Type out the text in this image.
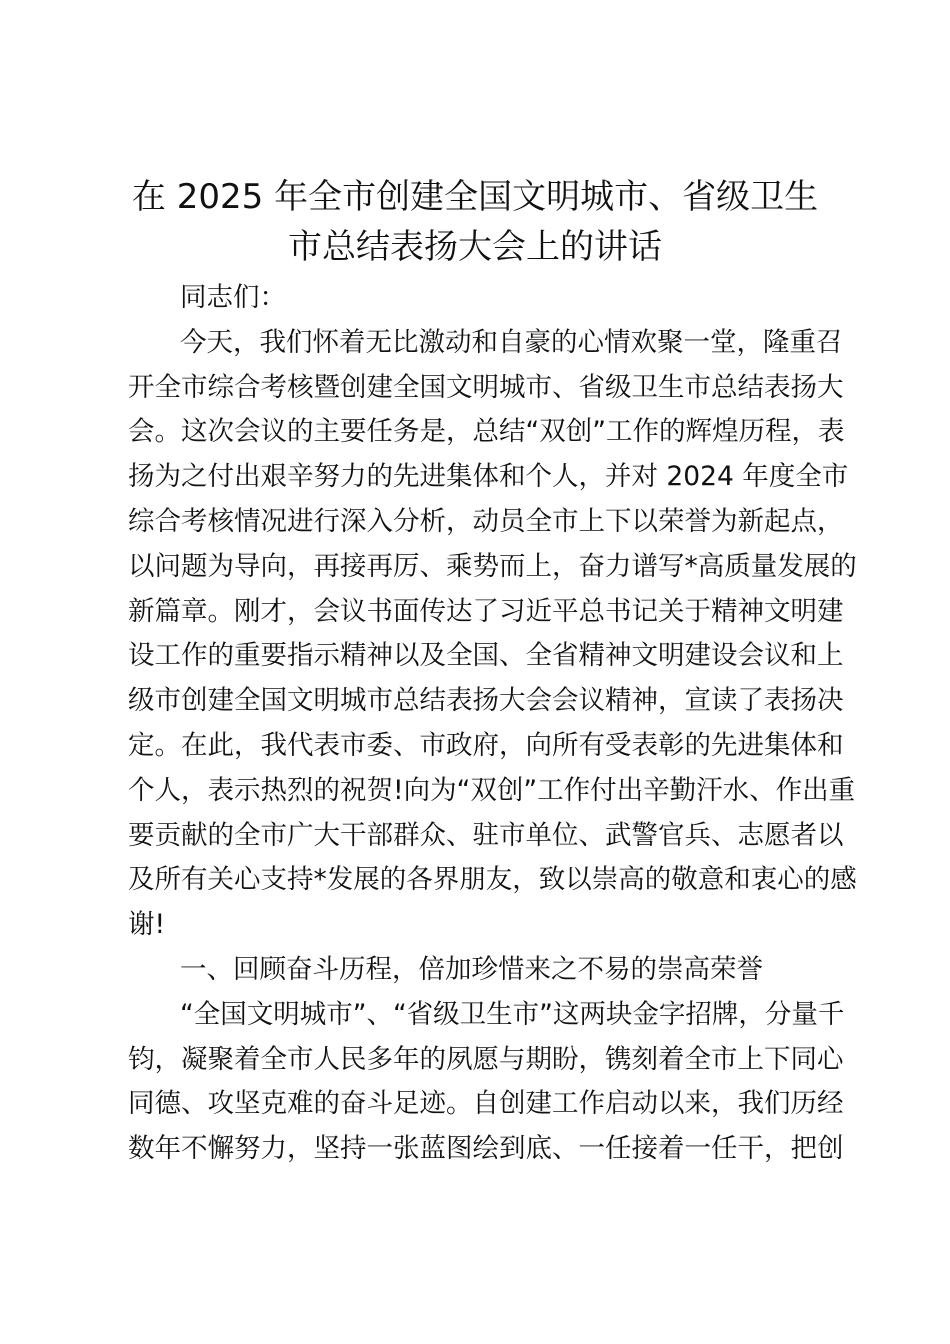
在 2025 年全市创建全国文明城市、省级卫生
市总结表扬大会上的讲话
同志们：
今天，我们怀着无比激动和自豪的心情欢聚一堂，隆重召
开全市综合考核暨创建全国文明城市、省级卫生市总结表扬大
会。这次会议的主要任务是，总结“双创”工作的辉煌历程，表
扬为之付出艰辛努力的先进集体和个人，并对 2024 年度全市
综合考核情况进行深入分析，动员全市上下以荣誉为新起点，
以问题为导向，再接再厉、乘势而上，奋力谱写*高质量发展的
新篇章。刚才，会议书面传达了习近平总书记关于精神文明建
设工作的重要指示精神以及全国、全省精神文明建设会议和上
级市创建全国文明城市总结表扬大会会议精神，宣读了表扬决
定。在此，我代表市委、市政府，向所有受表彰的先进集体和
个人，表示热烈的祝贺!向为“双创”工作付出辛勤汗水、作出重
要贡献的全市广大干部群众、驻市单位、武警官兵、志愿者以
及所有关心支持*发展的各界朋友，致以崇高的敬意和衷心的感
谢!
一、回顾奋斗历程，倍加珍惜来之不易的崇高荣誉
“全国文明城市”、“省级卫生市”这两块金字招牌，分量千
钧，凝聚着全市人民多年的夙愿与期盼，镌刻着全市上下同心
同德、攻坚克难的奋斗足迹。自创建工作启动以来，我们历经
数年不懈努力，坚持一张蓝图绘到底、一任接着一任干，把创
